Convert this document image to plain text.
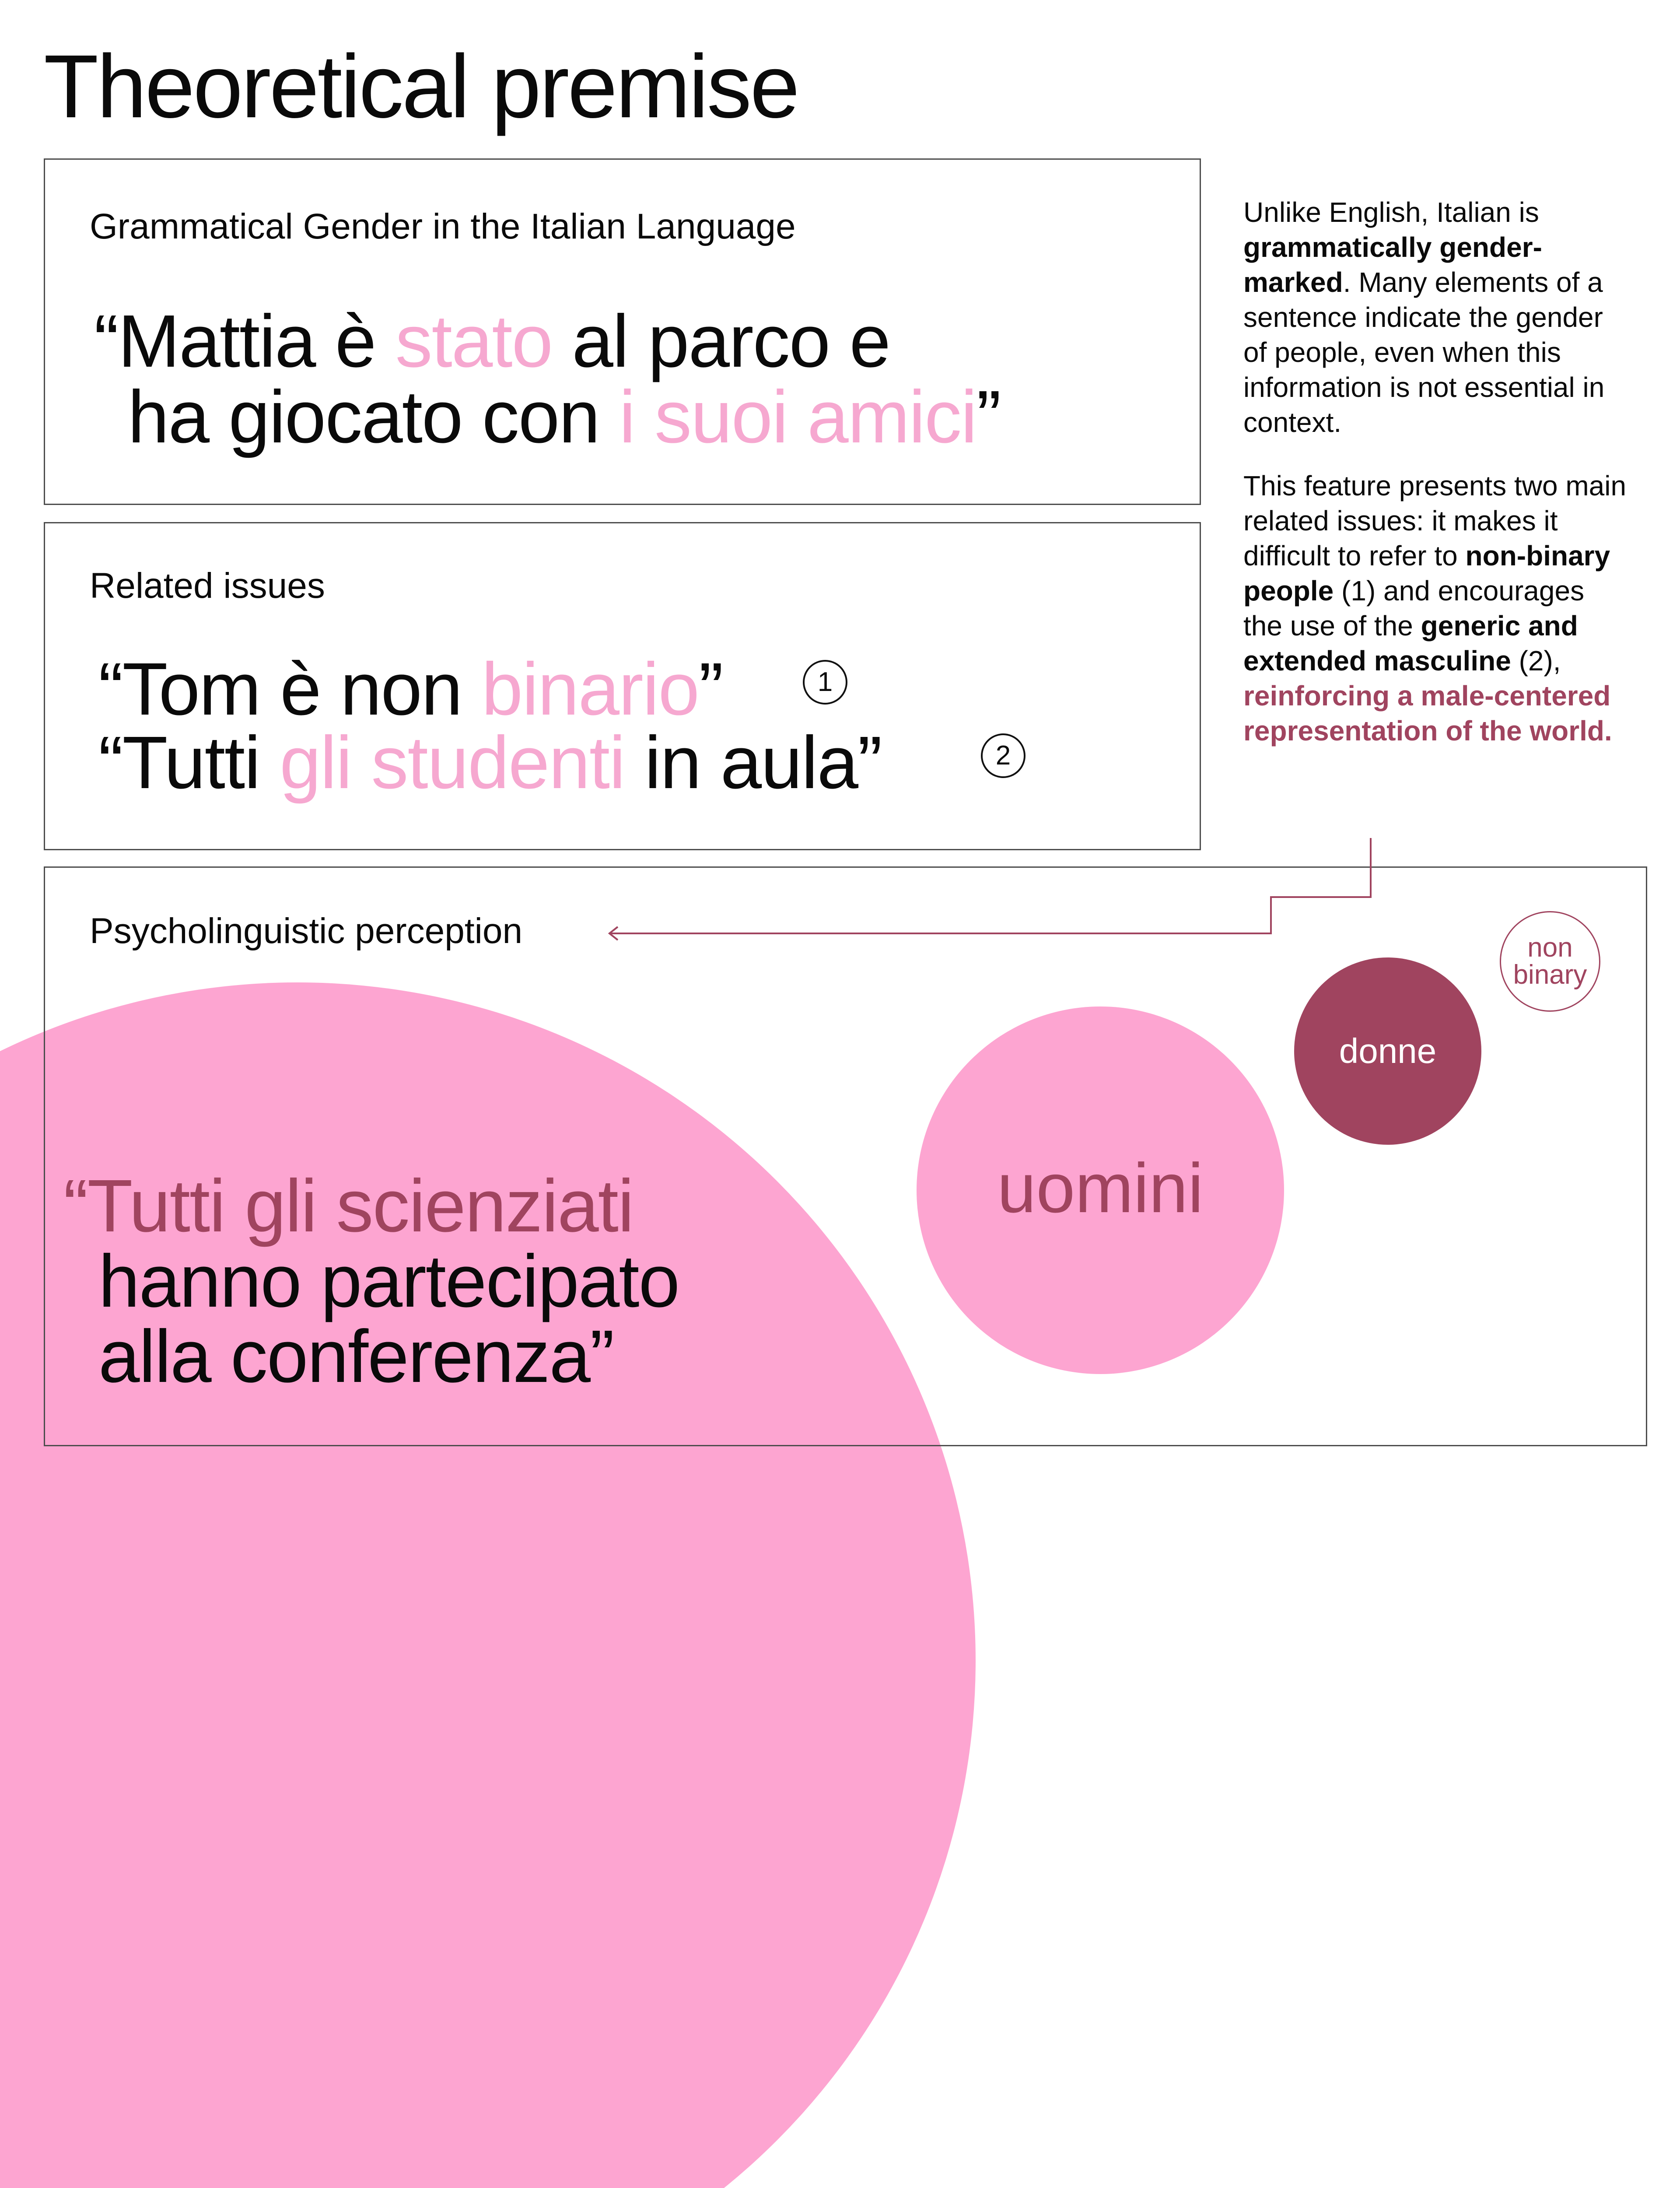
Theoretical premise
Grammatical Gender in the Italian Language
“Mattia è stato al parco e
ha giocato con i suoi amici”
Related issues
“Tom è non binario”	1
“Tutti gli studenti in aula”	2

Unlike English, Italian is grammatically gender-marked. Many elements of a sentence indicate the gender of people, even when this information is not essential in context.

This feature presents two main related issues: it makes it difficult to refer to non-binary people (1) and encourages the use of the generic and extended masculine (2), reinforcing a male-centered representation of the world.

Psycholinguistic perception
“Tutti gli scienziati
hanno partecipato
alla conferenza”
uomini
donne
non
binary
